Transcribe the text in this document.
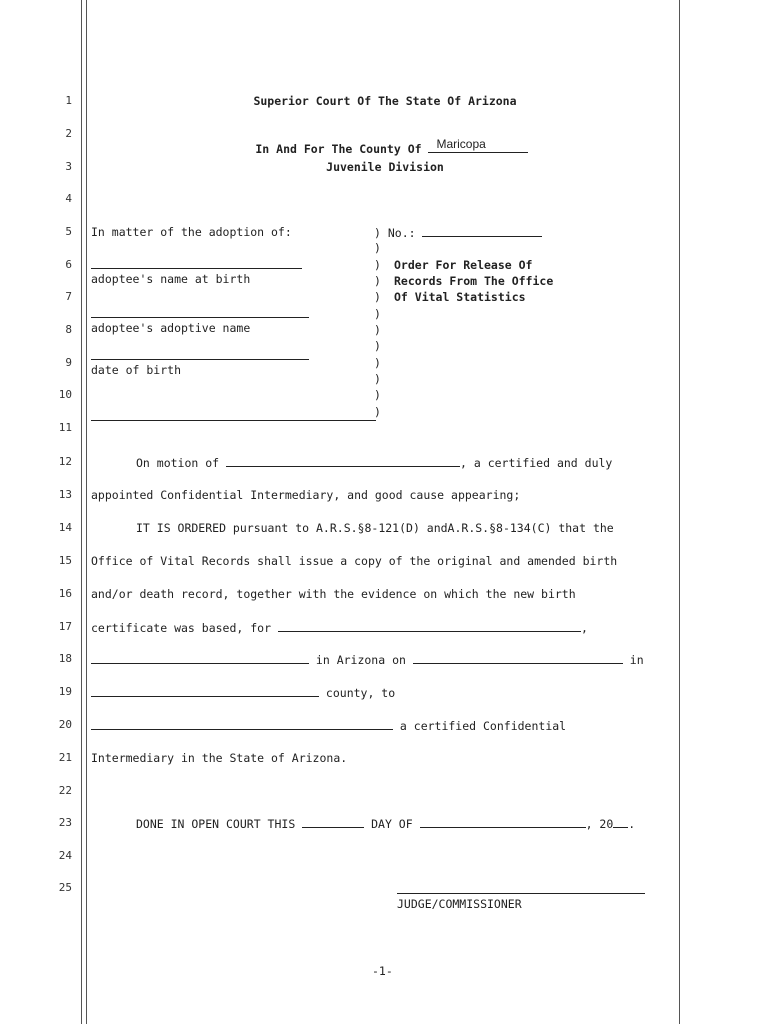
1
2
3
4
5
6
7
8
9
10
11
12
13
14
15
16
17
18
19
20
21
22
23
24
25
Superior Court Of The State Of Arizona

In And For The County Of Maricopa

Juvenile Division
In matter of the adoption of:
adoptee's name at birth
adoptee's adoptive name
date of birth
) No.:
)
)
)
)
)
)
)
)
)
)
)
Order For Release Of
Records From The Office
Of Vital Statistics
On motion of	, a certified and duly
appointed Confidential Intermediary, and good cause appearing;
IT IS ORDERED pursuant to A.R.S.§8-121(D) andA.R.S.§8-134(C) that the
Office of Vital Records shall issue a copy of the original and amended birth
and/or death record, together with the evidence on which the new birth
certificate was based, for	,
in Arizona on	in
county, to
a certified Confidential
Intermediary in the State of Arizona.
DONE IN OPEN COURT THIS	DAY OF	, 20 .
JUDGE/COMMISSIONER
-1-
